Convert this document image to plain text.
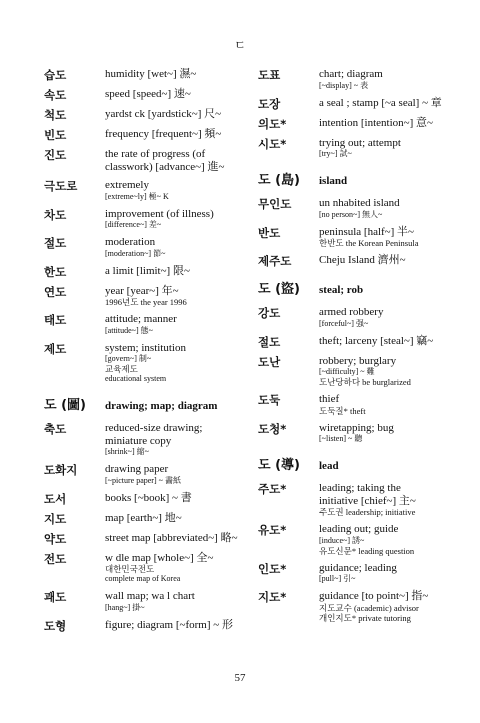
ㄷ
습도	humidity [wet~] 濕~
속도	speed [speed~] 速~
척도	yardst ck [yardstick~] 尺~
빈도	frequency [frequent~] 頻~
진도	the rate of progress (of
classwork) [advance~] 進~
극도로	extremely
[extreme~ly] 極~ K
차도	improvement (of illness)
[difference~] 差~
절도	moderation
[moderation~] 節~
한도	a limit [limit~] 限~
연도	year [year~] 年~
1996년도 the year 1996
태도	attitude; manner
[attitude~] 態~
제도	system; institution
[govern~] 制~
교육제도
educational system
도 (圖)	drawing; map; diagram
축도	reduced-size drawing;
miniature copy
[shrink~] 縮~
도화지	drawing paper
[~picture paper] ~ 畵紙
도서	books [~book] ~ 書
지도	map [earth~] 地~
약도	street map [abbreviated~] 略~
전도	w dle map [whole~] 全~
대한민국전도
complete map of Korea
괘도	wall map; wa l chart
[hang~] 掛~
도형	figure; diagram [~form] ~ 形
도표	chart; diagram
[~display] ~ 表
도장	a seal ; stamp [~a seal] ~ 章
의도*	intention [intention~] 意~
시도*	trying out; attempt
[try~] 試~
도 (島)	island
무인도	un nhabited island
[no person~] 無人~
반도	peninsula [half~] 半~
한반도 the Korean Peninsula
제주도	Cheju Island 濟州~
도 (盜)	steal; rob
강도	armed robbery
[forceful~] 强~
절도	theft; larceny [steal~] 竊~
도난	robbery; burglary
[~difficulty] ~ 難
도난당하다 be burglarized
도둑	thief
도둑질* theft
도청*	wiretapping; bug
[~listen] ~ 聽
도 (導)	lead
주도*	leading; taking the
initiative [chief~] 主~
주도권 leadership; initiative
유도*	leading out; guide
[induce~] 誘~
유도신문* leading question
인도*	guidance; leading
[pull~] 引~
지도*	guidance [to point~] 指~
지도교수 (academic) advisor
개인지도* private tutoring
57
